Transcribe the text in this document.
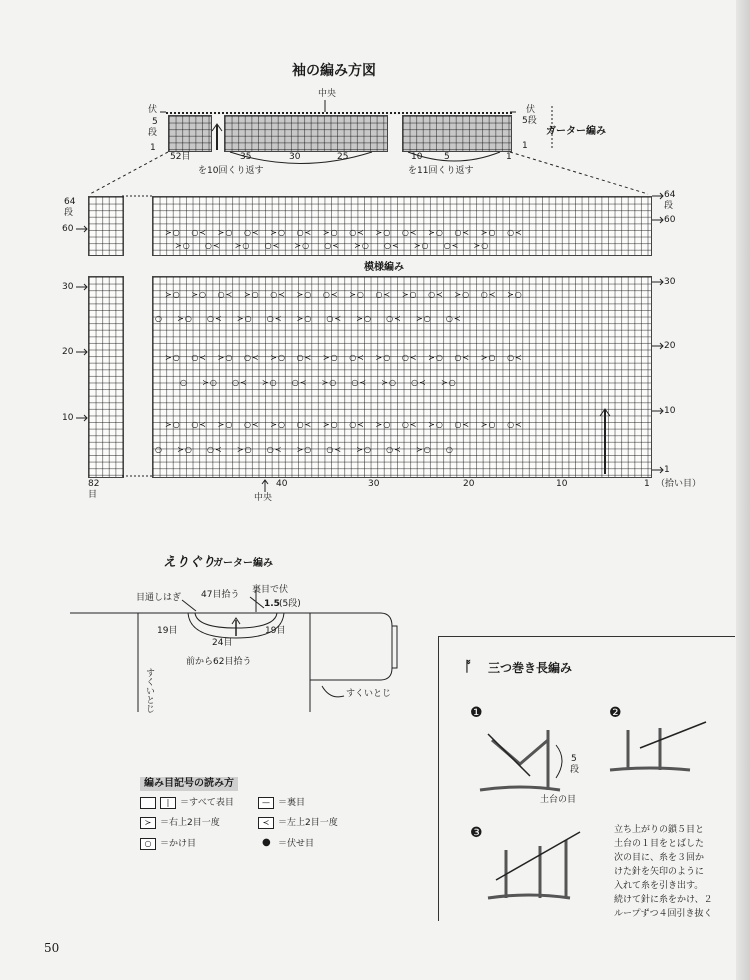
袖の編み方図
中央
伏
5
段
1
伏
5段
1
ガーター編み
52目	35	30	25	10 5	1
を10回くり返す	を11回くり返す
64
段
60
30
20
10
模様編み
64
段
60
30
20
10
1
82
目
40	30	20	10	1 （拾い目）
中央
≻○   ○≺   ≻○   ○≺   ≻○   ○≺   ≻○   ○≺   ≻○   ○≺   ≻○   ○≺   ≻○   ○≺
≻○    ○≺    ≻○    ○≺    ≻○    ○≺    ≻○    ○≺    ≻○    ○≺    ≻○
≻○   ≻○   ○≺   ≻○   ○≺   ≻○   ○≺   ≻○   ○≺   ≻○   ○≺   ≻○   ○≺   ≻○
○    ≻○    ○≺    ≻○    ○≺    ≻○    ○≺    ≻○    ○≺    ≻○    ○≺
≻○   ○≺   ≻○   ○≺   ≻○   ○≺   ≻○   ○≺   ≻○   ○≺   ≻○   ○≺   ≻○   ○≺
○    ≻○    ○≺    ≻○    ○≺    ≻○    ○≺    ≻○    ○≺    ≻○
≻○   ○≺   ≻○   ○≺   ≻○   ○≺   ≻○   ○≺   ≻○   ○≺   ≻○   ○≺   ≻○   ○≺
○    ≻○    ○≺    ≻○    ○≺    ≻○    ○≺    ≻○    ○≺    ≻○    ○
えりぐり
ガーター編み
目通しはぎ 47目拾う 裏目で伏
1.5 (5段)
19目	19目
24目
前から62目拾う
すくいとじ	すくいとじ
編み目記号の読み方
|	＝すべて表目	— ＝裏目
≻ ＝右上2目一度	≺ ＝左上2目一度
○ ＝かけ目	● ＝伏せ目
ᚩ 三つ巻き長編み
❶	❷
❸
5
段
土台の目
立ち上がりの鎖５目と
土台の１目をとばした
次の目に、糸を３回か
けた針を矢印のように
入れて糸を引き出す。
続けて針に糸をかけ、２
ループずつ４回引き抜く
50
